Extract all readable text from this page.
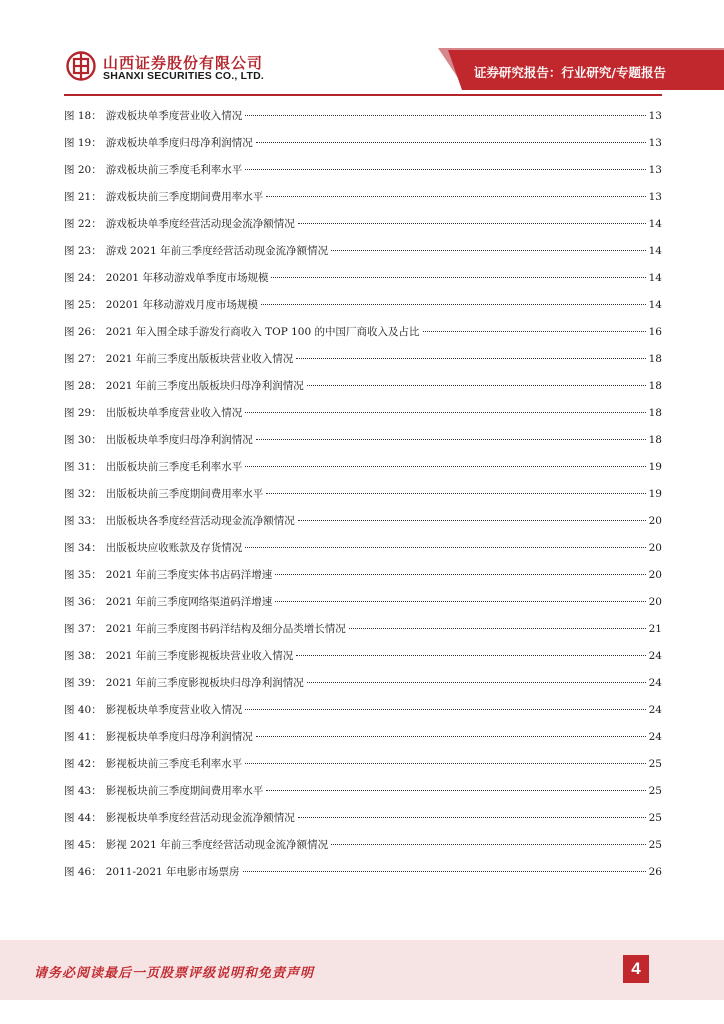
山西证券股份有限公司
SHANXI SECURITIES CO., LTD.	证券研究报告：行业研究/专题报告
图 18： 游戏板块单季度营业收入情况	13
图 19： 游戏板块单季度归母净利润情况	13
图 20： 游戏板块前三季度毛利率水平	13
图 21： 游戏板块前三季度期间费用率水平	13
图 22： 游戏板块单季度经营活动现金流净额情况	14
图 23： 游戏 2021 年前三季度经营活动现金流净额情况	14
图 24： 20201 年移动游戏单季度市场规模	14
图 25： 20201 年移动游戏月度市场规模	14
图 26： 2021 年入围全球手游发行商收入 TOP 100 的中国厂商收入及占比	16
图 27： 2021 年前三季度出版板块营业收入情况	18
图 28： 2021 年前三季度出版板块归母净利润情况	18
图 29： 出版板块单季度营业收入情况	18
图 30： 出版板块单季度归母净利润情况	18
图 31： 出版板块前三季度毛利率水平	19
图 32： 出版板块前三季度期间费用率水平	19
图 33： 出版板块各季度经营活动现金流净额情况	20
图 34： 出版板块应收账款及存货情况	20
图 35： 2021 年前三季度实体书店码洋增速	20
图 36： 2021 年前三季度网络渠道码洋增速	20
图 37： 2021 年前三季度图书码洋结构及细分品类增长情况	21
图 38： 2021 年前三季度影视板块营业收入情况	24
图 39： 2021 年前三季度影视板块归母净利润情况	24
图 40： 影视板块单季度营业收入情况	24
图 41： 影视板块单季度归母净利润情况	24
图 42： 影视板块前三季度毛利率水平	25
图 43： 影视板块前三季度期间费用率水平	25
图 44： 影视板块单季度经营活动现金流净额情况	25
图 45： 影视 2021 年前三季度经营活动现金流净额情况	25
图 46： 2011-2021 年电影市场票房	26
请务必阅读最后一页股票评级说明和免责声明	4
